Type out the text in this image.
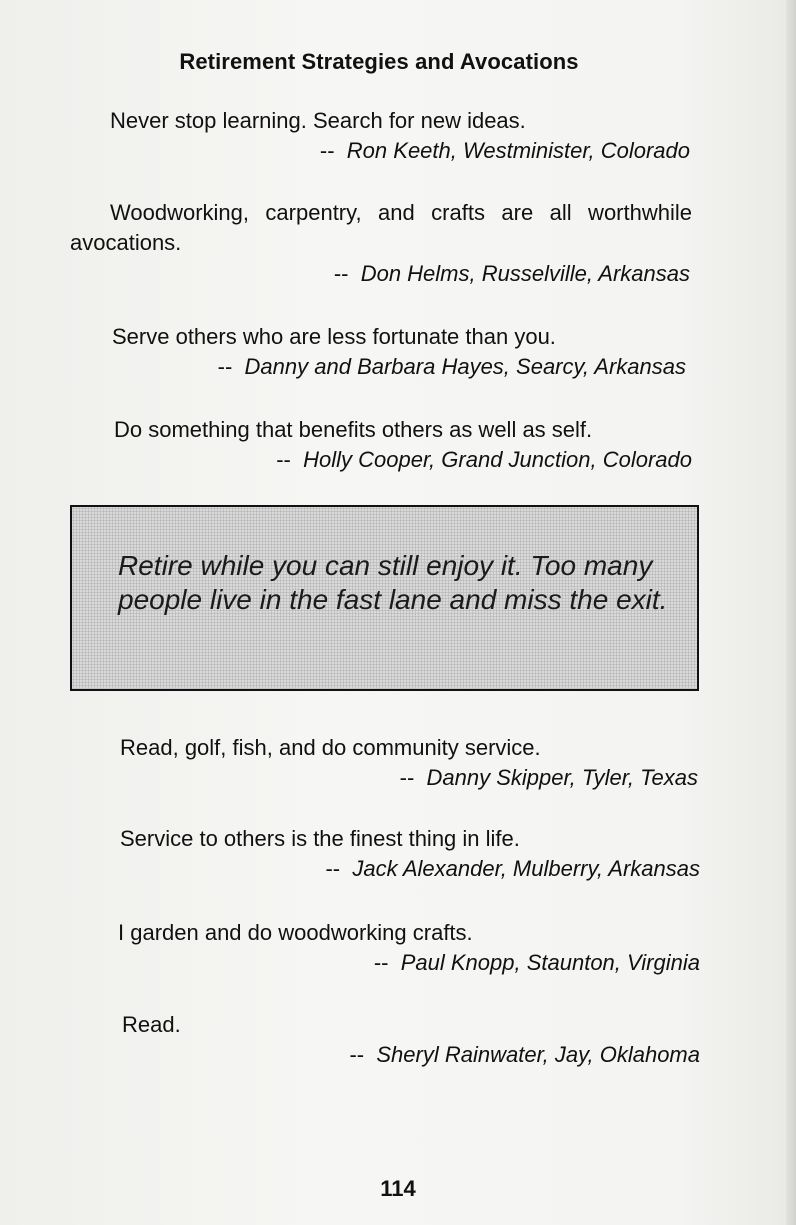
Retirement Strategies and Avocations
Never stop learning. Search for new ideas.
--  Ron Keeth, Westminister, Colorado
Woodworking, carpentry, and crafts are all worthwhile avocations.
--  Don Helms, Russelville, Arkansas
Serve others who are less fortunate than you.
--  Danny and Barbara Hayes, Searcy, Arkansas
Do something that benefits others as well as self.
--  Holly Cooper, Grand Junction, Colorado
Retire while you can still enjoy it. Too many people live in the fast lane and miss the exit.
Read, golf, fish, and do community service.
--  Danny Skipper, Tyler, Texas
Service to others is the finest thing in life.
--  Jack Alexander, Mulberry, Arkansas
I garden and do woodworking crafts.
--  Paul Knopp, Staunton, Virginia
Read.
--  Sheryl Rainwater, Jay, Oklahoma
114
